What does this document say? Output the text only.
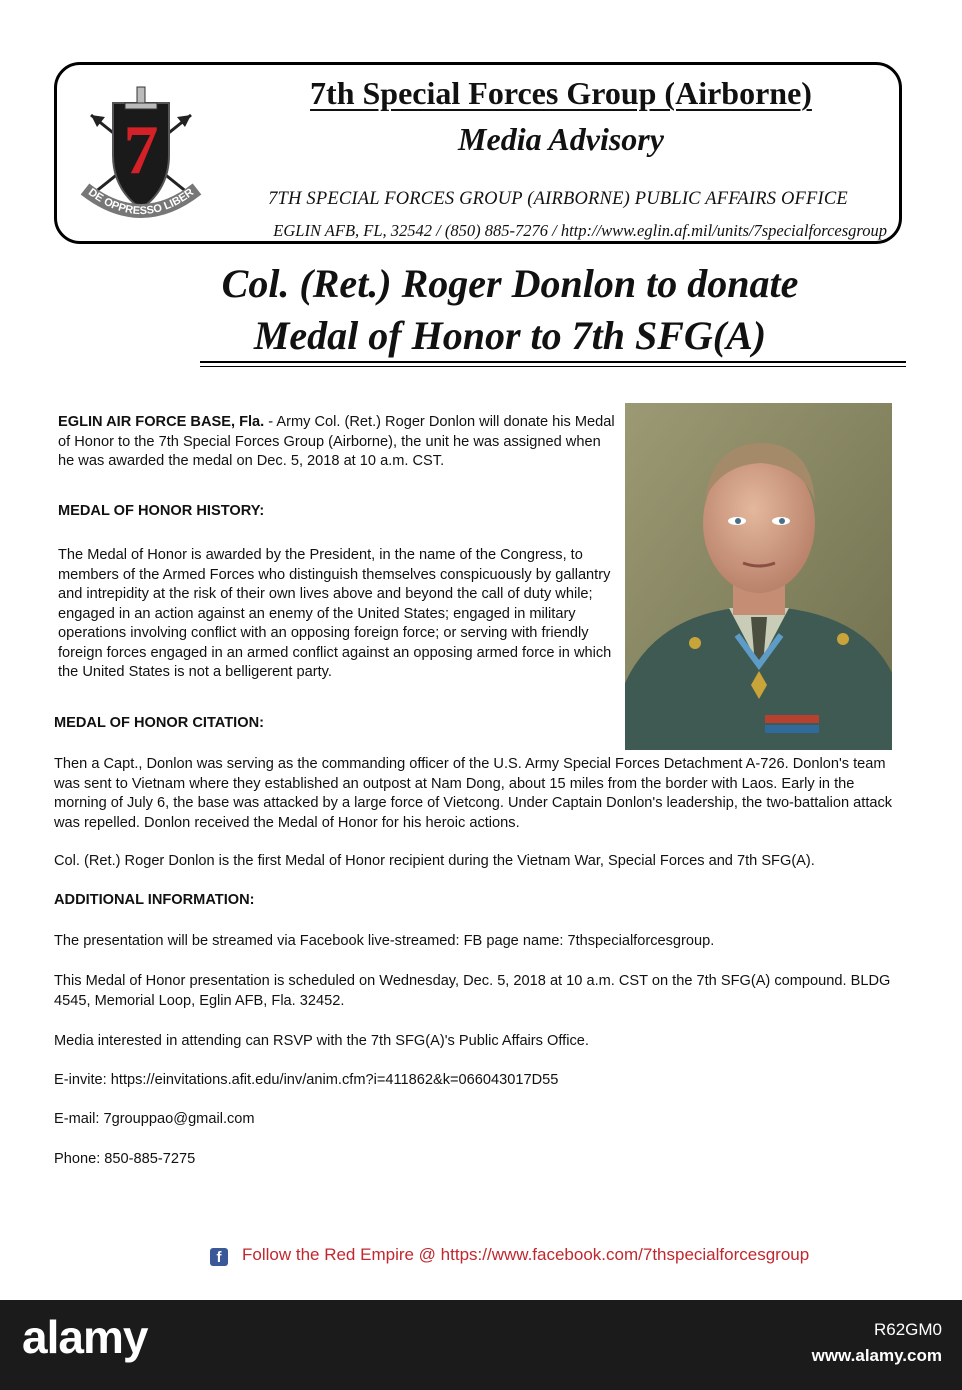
7
DE OPPRESSO LIBER
7th Special Forces Group (Airborne)
Media Advisory
7TH SPECIAL FORCES GROUP (AIRBORNE) PUBLIC AFFAIRS OFFICE
EGLIN AFB, FL, 32542 / (850) 885-7276 / http://www.eglin.af.mil/units/7specialforcesgroup
Col. (Ret.) Roger Donlon to donate
Medal of Honor to 7th SFG(A)
EGLIN AIR FORCE BASE, Fla. - Army Col. (Ret.) Roger Donlon will donate his Medal of Honor to the 7th Special Forces Group (Airborne), the unit he was assigned when he was awarded the medal on Dec. 5, 2018 at 10 a.m. CST.
MEDAL OF HONOR HISTORY:
The Medal of Honor is awarded by the President, in the name of the Congress, to members of the Armed Forces who distinguish themselves conspicuously by gallantry and intrepidity at the risk of their own lives above and beyond the call of duty while; engaged in an action against an enemy of the United States; engaged in military operations involving conflict with an opposing foreign force; or serving with friendly foreign forces engaged in an armed conflict against an opposing armed force in which the United States is not a belligerent party.
MEDAL OF HONOR CITATION:
Then a Capt., Donlon was serving as the commanding officer of the U.S. Army Special Forces Detachment A-726. Donlon's team was sent to Vietnam where they established an outpost at Nam Dong, about 15 miles from the border with Laos. Early in the morning of July 6, the base was attacked by a large force of Vietcong. Under Captain Donlon's leadership, the two-battalion attack was repelled. Donlon received the Medal of Honor for his heroic actions.
Col. (Ret.) Roger Donlon is the first Medal of Honor recipient during the Vietnam War, Special Forces and 7th SFG(A).
ADDITIONAL INFORMATION:
The presentation will be streamed via Facebook live-streamed: FB page name: 7thspecialforcesgroup.
This Medal of Honor presentation is scheduled on Wednesday, Dec. 5, 2018 at 10 a.m. CST on the 7th SFG(A) compound. BLDG 4545, Memorial Loop, Eglin AFB, Fla. 32452.
Media interested in attending can RSVP with the 7th SFG(A)'s Public Affairs Office.
E-invite: https://einvitations.afit.edu/inv/anim.cfm?i=411862&k=066043017D55
E-mail: 7grouppao@gmail.com
Phone: 850-885-7275
f Follow the Red Empire @ https://www.facebook.com/7thspecialforcesgroup
alamy	R62GM0
www.alamy.com
